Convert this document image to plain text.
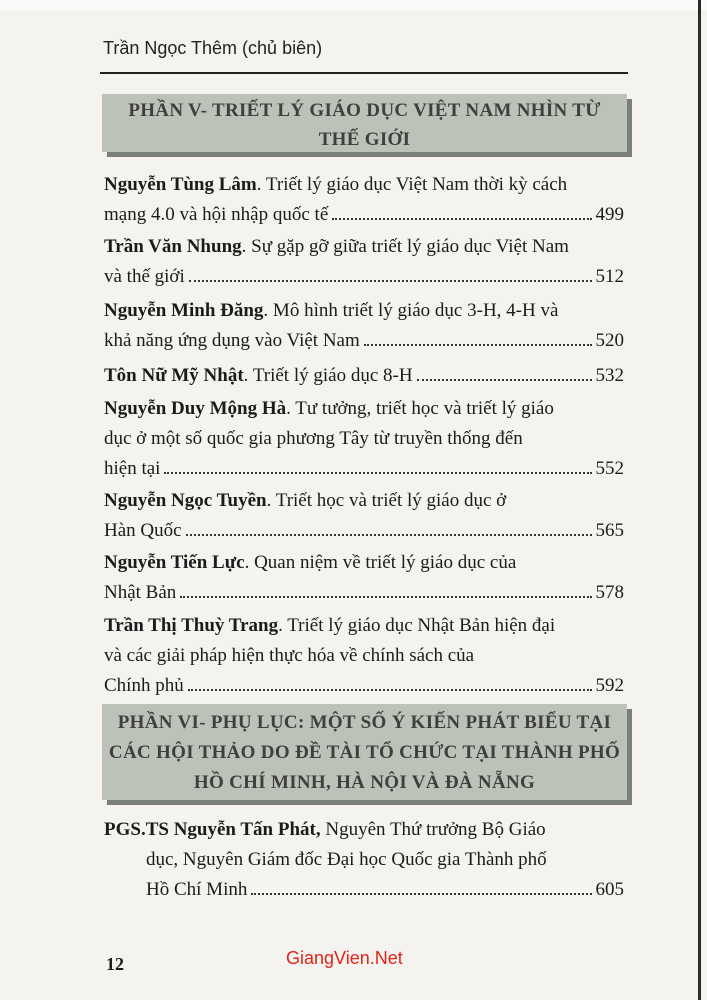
Trần Ngọc Thêm (chủ biên)
PHẦN V- TRIẾT LÝ GIÁO DỤC VIỆT NAM NHÌN TỪ
THẾ GIỚI

Nguyễn Tùng Lâm. Triết lý giáo dục Việt Nam thời kỳ cách

mạng 4.0 và hội nhập quốc tế	499

Trần Văn Nhung. Sự gặp gỡ giữa triết lý giáo dục Việt Nam

và thế giới	512

Nguyễn Minh Đăng. Mô hình triết lý giáo dục 3-H, 4-H và

khả năng ứng dụng vào Việt Nam	520
Tôn Nữ Mỹ Nhật. Triết lý giáo dục 8-H	532

Nguyễn Duy Mộng Hà. Tư tưởng, triết học và triết lý giáo

dục ở một số quốc gia phương Tây từ truyền thống đến

hiện tại	552

Nguyễn Ngọc Tuyền. Triết học và triết lý giáo dục ở

Hàn Quốc	565

Nguyễn Tiến Lực. Quan niệm về triết lý giáo dục của

Nhật Bản	578

Trần Thị Thuỳ Trang. Triết lý giáo dục Nhật Bản hiện đại

và các giải pháp hiện thực hóa về chính sách của

Chính phủ	592
PHẦN VI- PHỤ LỤC: MỘT SỐ Ý KIẾN PHÁT BIỂU TẠI
CÁC HỘI THẢO DO ĐỀ TÀI TỔ CHỨC TẠI THÀNH PHỐ
HỒ CHÍ MINH, HÀ NỘI VÀ ĐÀ NẴNG

PGS.TS Nguyễn Tấn Phát, Nguyên Thứ trưởng Bộ Giáo

dục, Nguyên Giám đốc Đại học Quốc gia Thành phố

Hồ Chí Minh	605
12	GiangVien.Net
